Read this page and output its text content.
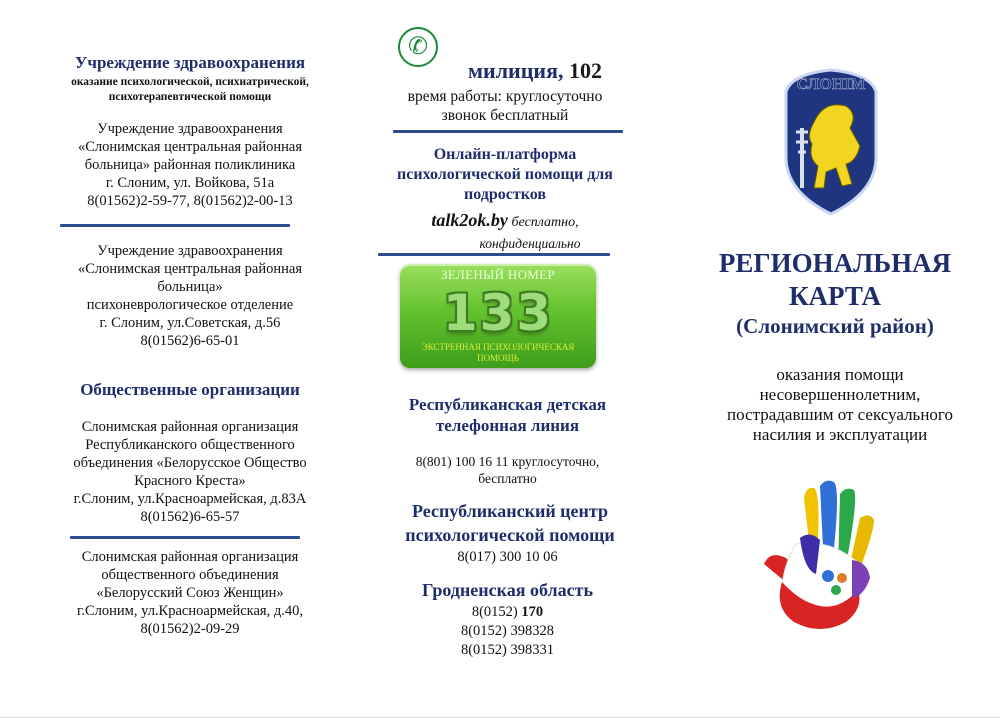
Учреждение здравоохранения
оказание психологической, психиатрической,
психотерапевтической помощи
Учреждение здравоохранения
«Слонимская центральная районная
больница» районная поликлиника
г. Слоним, ул. Войкова, 51а
8(01562)2-59-77, 8(01562)2-00-13
Учреждение здравоохранения
«Слонимская центральная районная
больница»
психоневрологическое отделение
г. Слоним, ул.Советская, д.56
8(01562)6-65-01
Общественные организации
Слонимская районная организация
Республиканского общественного
объединения «Белорусское Общество
Красного Креста»
г.Слоним, ул.Красноармейская, д.83А
8(01562)6-65-57
Слонимская районная организация
общественного объединения
«Белорусский Союз Женщин»
г.Слоним, ул.Красноармейская, д.40,
8(01562)2-09-29
✆
милиция, 102
время работы: круглосуточно
звонок бесплатный
Онлайн-платформа
психологической помощи для
подростков
talk2ok.by бесплатно,
конфиденциально
ЗЕЛЕНЫЙ НОМЕР
133
ЭКСТРЕННАЯ ПСИХОЛОГИЧЕСКАЯ
ПОМОЩЬ
Республиканская детская
телефонная линия
8(801) 100 16 11 круглосуточно,
бесплатно
Республиканский центр
психологической помощи
8(017) 300 10 06
Гродненская область
8(0152) 170
8(0152) 398328
8(0152) 398331
СЛОНІМ
РЕГИОНАЛЬНАЯ
КАРТА
(Слонимский район)
оказания помощи
несовершеннолетним,
пострадавшим от сексуального
насилия и эксплуатации
